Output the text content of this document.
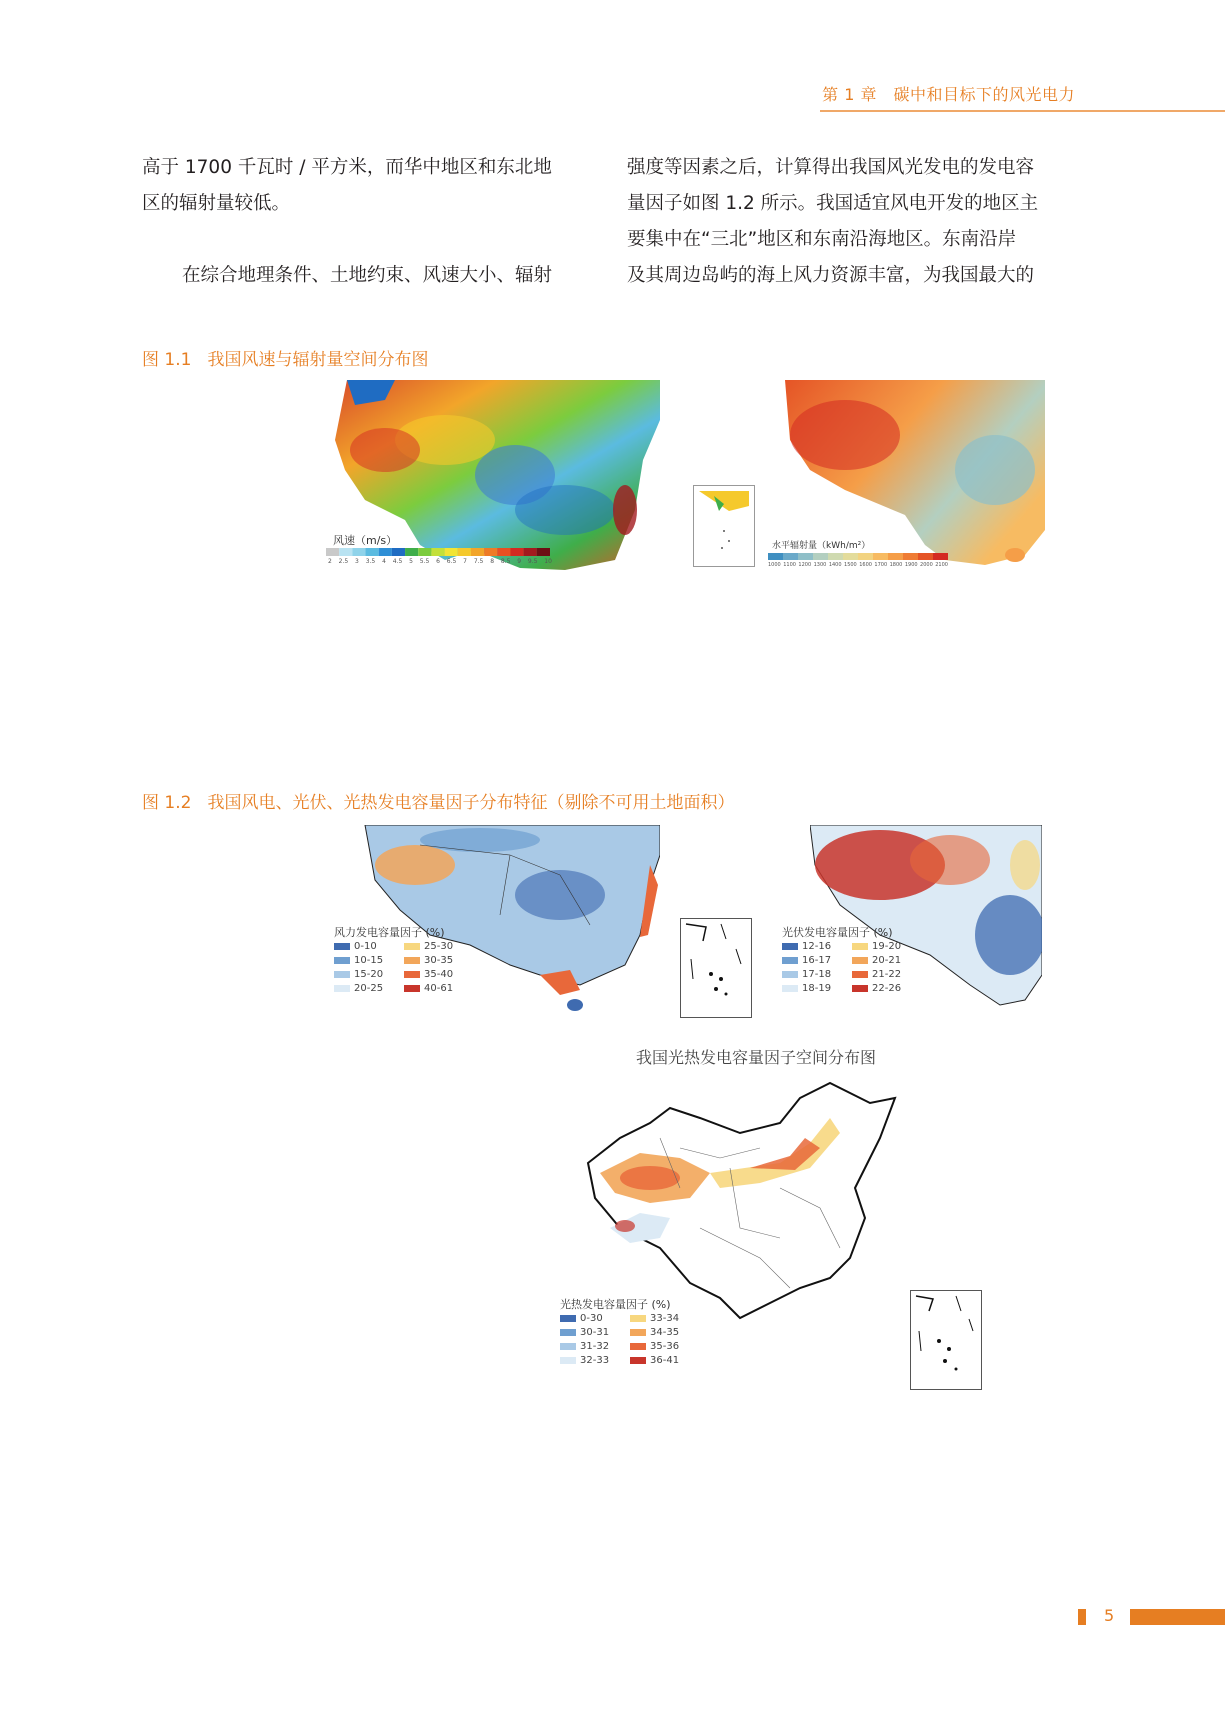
第 1 章　碳中和目标下的风光电力

高于 1700 千瓦时 / 平方米，而华中地区和东北地

区的辐射量较低。

在综合地理条件、土地约束、风速大小、辐射

强度等因素之后，计算得出我国风光发电的发电容

量因子如图 1.2 所示。我国适宜风电开发的地区主

要集中在“三北”地区和东南沿海地区。东南沿岸

及其周边岛屿的海上风力资源丰富，为我国最大的

图 1.1 我国风速与辐射量空间分布图
风速（m/s）
2 2.5 3 3.5 4 4.5 5 5.5 6 6.5 7 7.5 8 8.5 9 9.5 10
水平辐射量（kWh/m²）
1000 1100 1200 1300 1400 1500 1600 1700 1800 1900 2000 2100
图 1.2 我国风电、光伏、光热发电容量因子分布特征（剔除不可用土地面积）
风力发电容量因子 (%)
0-10	25-30
10-15	30-35
15-20	35-40
20-25	40-61
光伏发电容量因子 (%)
12-16	19-20
16-17	20-21
17-18	21-22
18-19	22-26
我国光热发电容量因子空间分布图
光热发电容量因子 (%)
0-30	33-34
30-31	34-35
31-32	35-36
32-33	36-41
5
